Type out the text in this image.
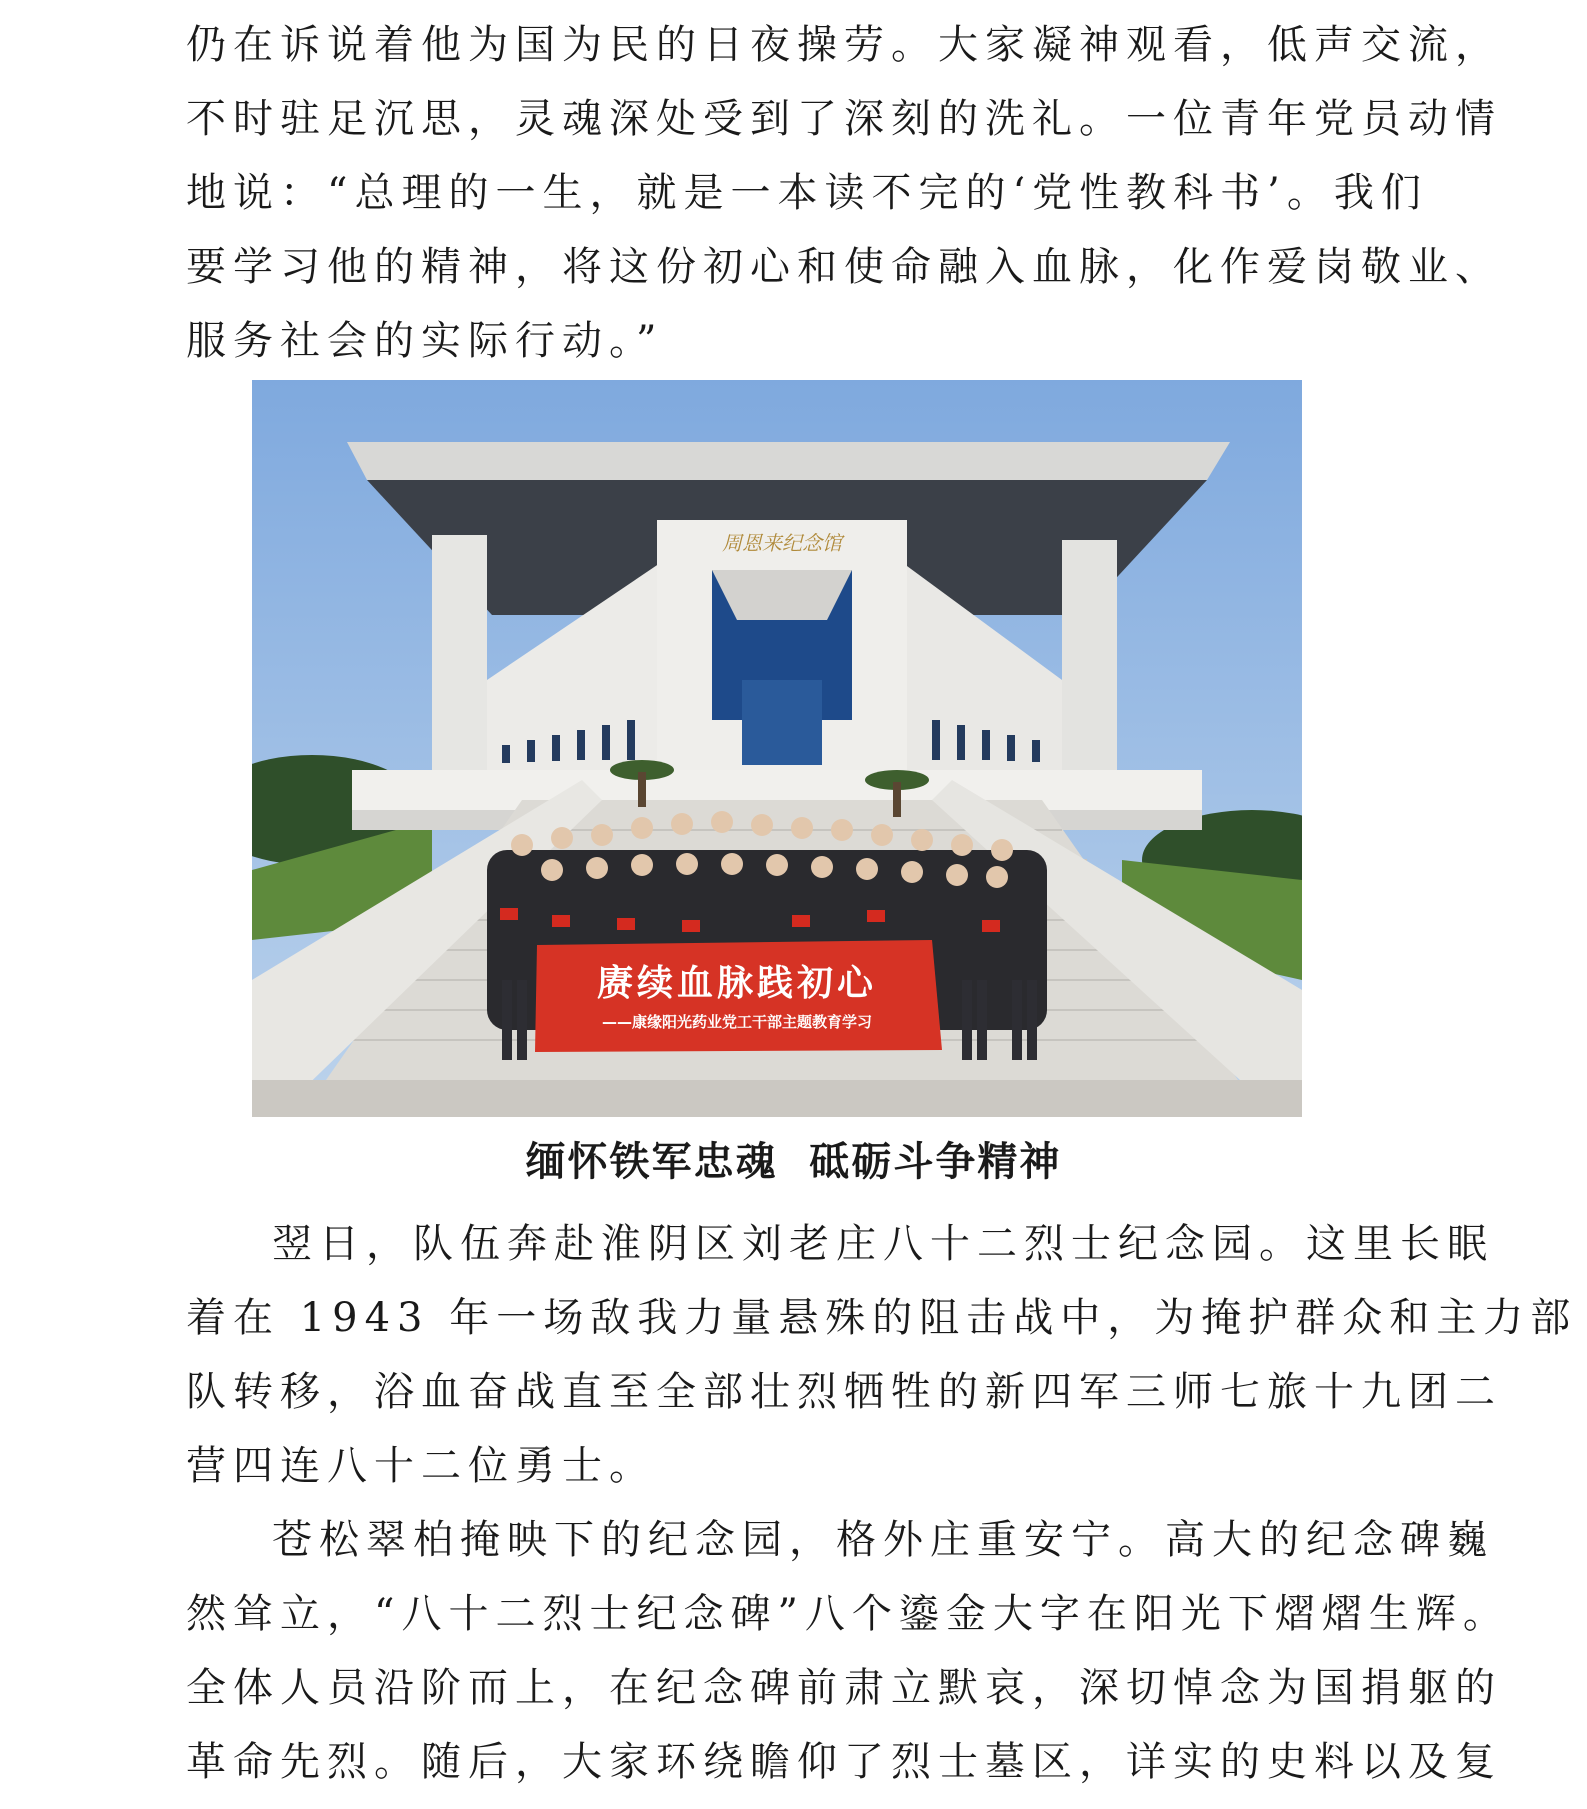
仍在诉说着他为国为民的日夜操劳。大家凝神观看，低声交流，
不时驻足沉思，灵魂深处受到了深刻的洗礼。一位青年党员动情
地说：“总理的一生，就是一本读不完的‘党性教科书’。我们
要学习他的精神，将这份初心和使命融入血脉，化作爱岗敬业、
服务社会的实际行动。”
周恩来纪念馆
赓续血脉践初心
——康缘阳光药业党工干部主题教育学习
缅怀铁军忠魂  砥砺斗争精神
翌日，队伍奔赴淮阴区刘老庄八十二烈士纪念园。这里长眠
着在 1943 年一场敌我力量悬殊的阻击战中，为掩护群众和主力部
队转移，浴血奋战直至全部壮烈牺牲的新四军三师七旅十九团二
营四连八十二位勇士。
苍松翠柏掩映下的纪念园，格外庄重安宁。高大的纪念碑巍
然耸立，“八十二烈士纪念碑”八个鎏金大字在阳光下熠熠生辉。
全体人员沿阶而上，在纪念碑前肃立默哀，深切悼念为国捐躯的
革命先烈。随后，大家环绕瞻仰了烈士墓区，详实的史料以及复
